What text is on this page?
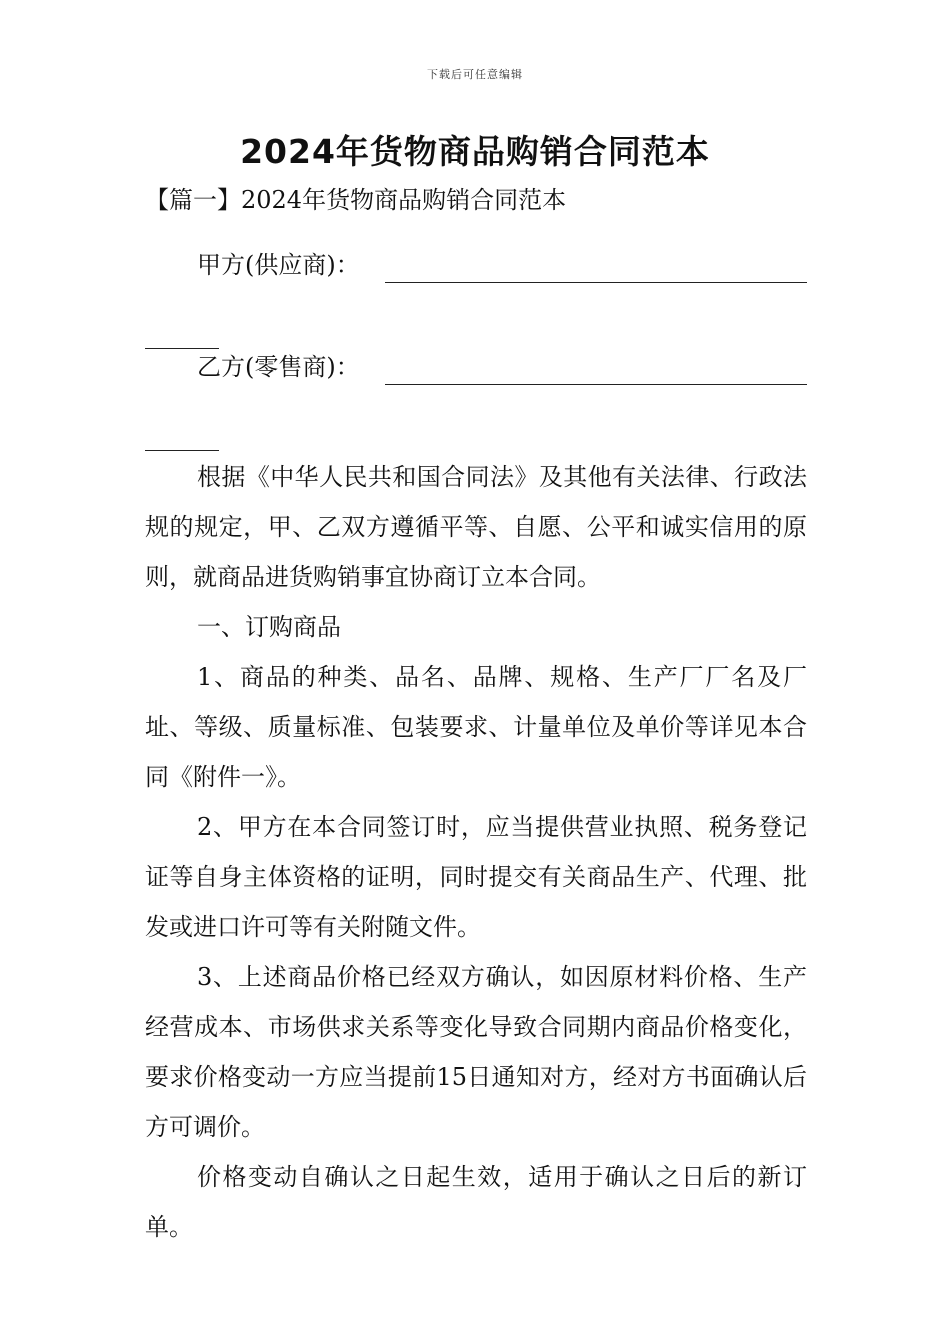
下载后可任意编辑
2024年货物商品购销合同范本
【篇一】2024年货物商品购销合同范本
甲方(供应商)：
乙方(零售商)：

根据《中华人民共和国合同法》及其他有关法律、行政法规的规定，甲、乙双方遵循平等、自愿、公平和诚实信用的原则，就商品进货购销事宜协商订立本合同。

一、订购商品

1、商品的种类、品名、品牌、规格、生产厂厂名及厂址、等级、质量标准、包装要求、计量单位及单价等详见本合同《附件一》。

2、甲方在本合同签订时，应当提供营业执照、税务登记证等自身主体资格的证明，同时提交有关商品生产、代理、批发或进口许可等有关附随文件。

3、上述商品价格已经双方确认，如因原材料价格、生产经营成本、市场供求关系等变化导致合同期内商品价格变化，要求价格变动一方应当提前15日通知对方，经对方书面确认后方可调价。

价格变动自确认之日起生效，适用于确认之日后的新订单。
